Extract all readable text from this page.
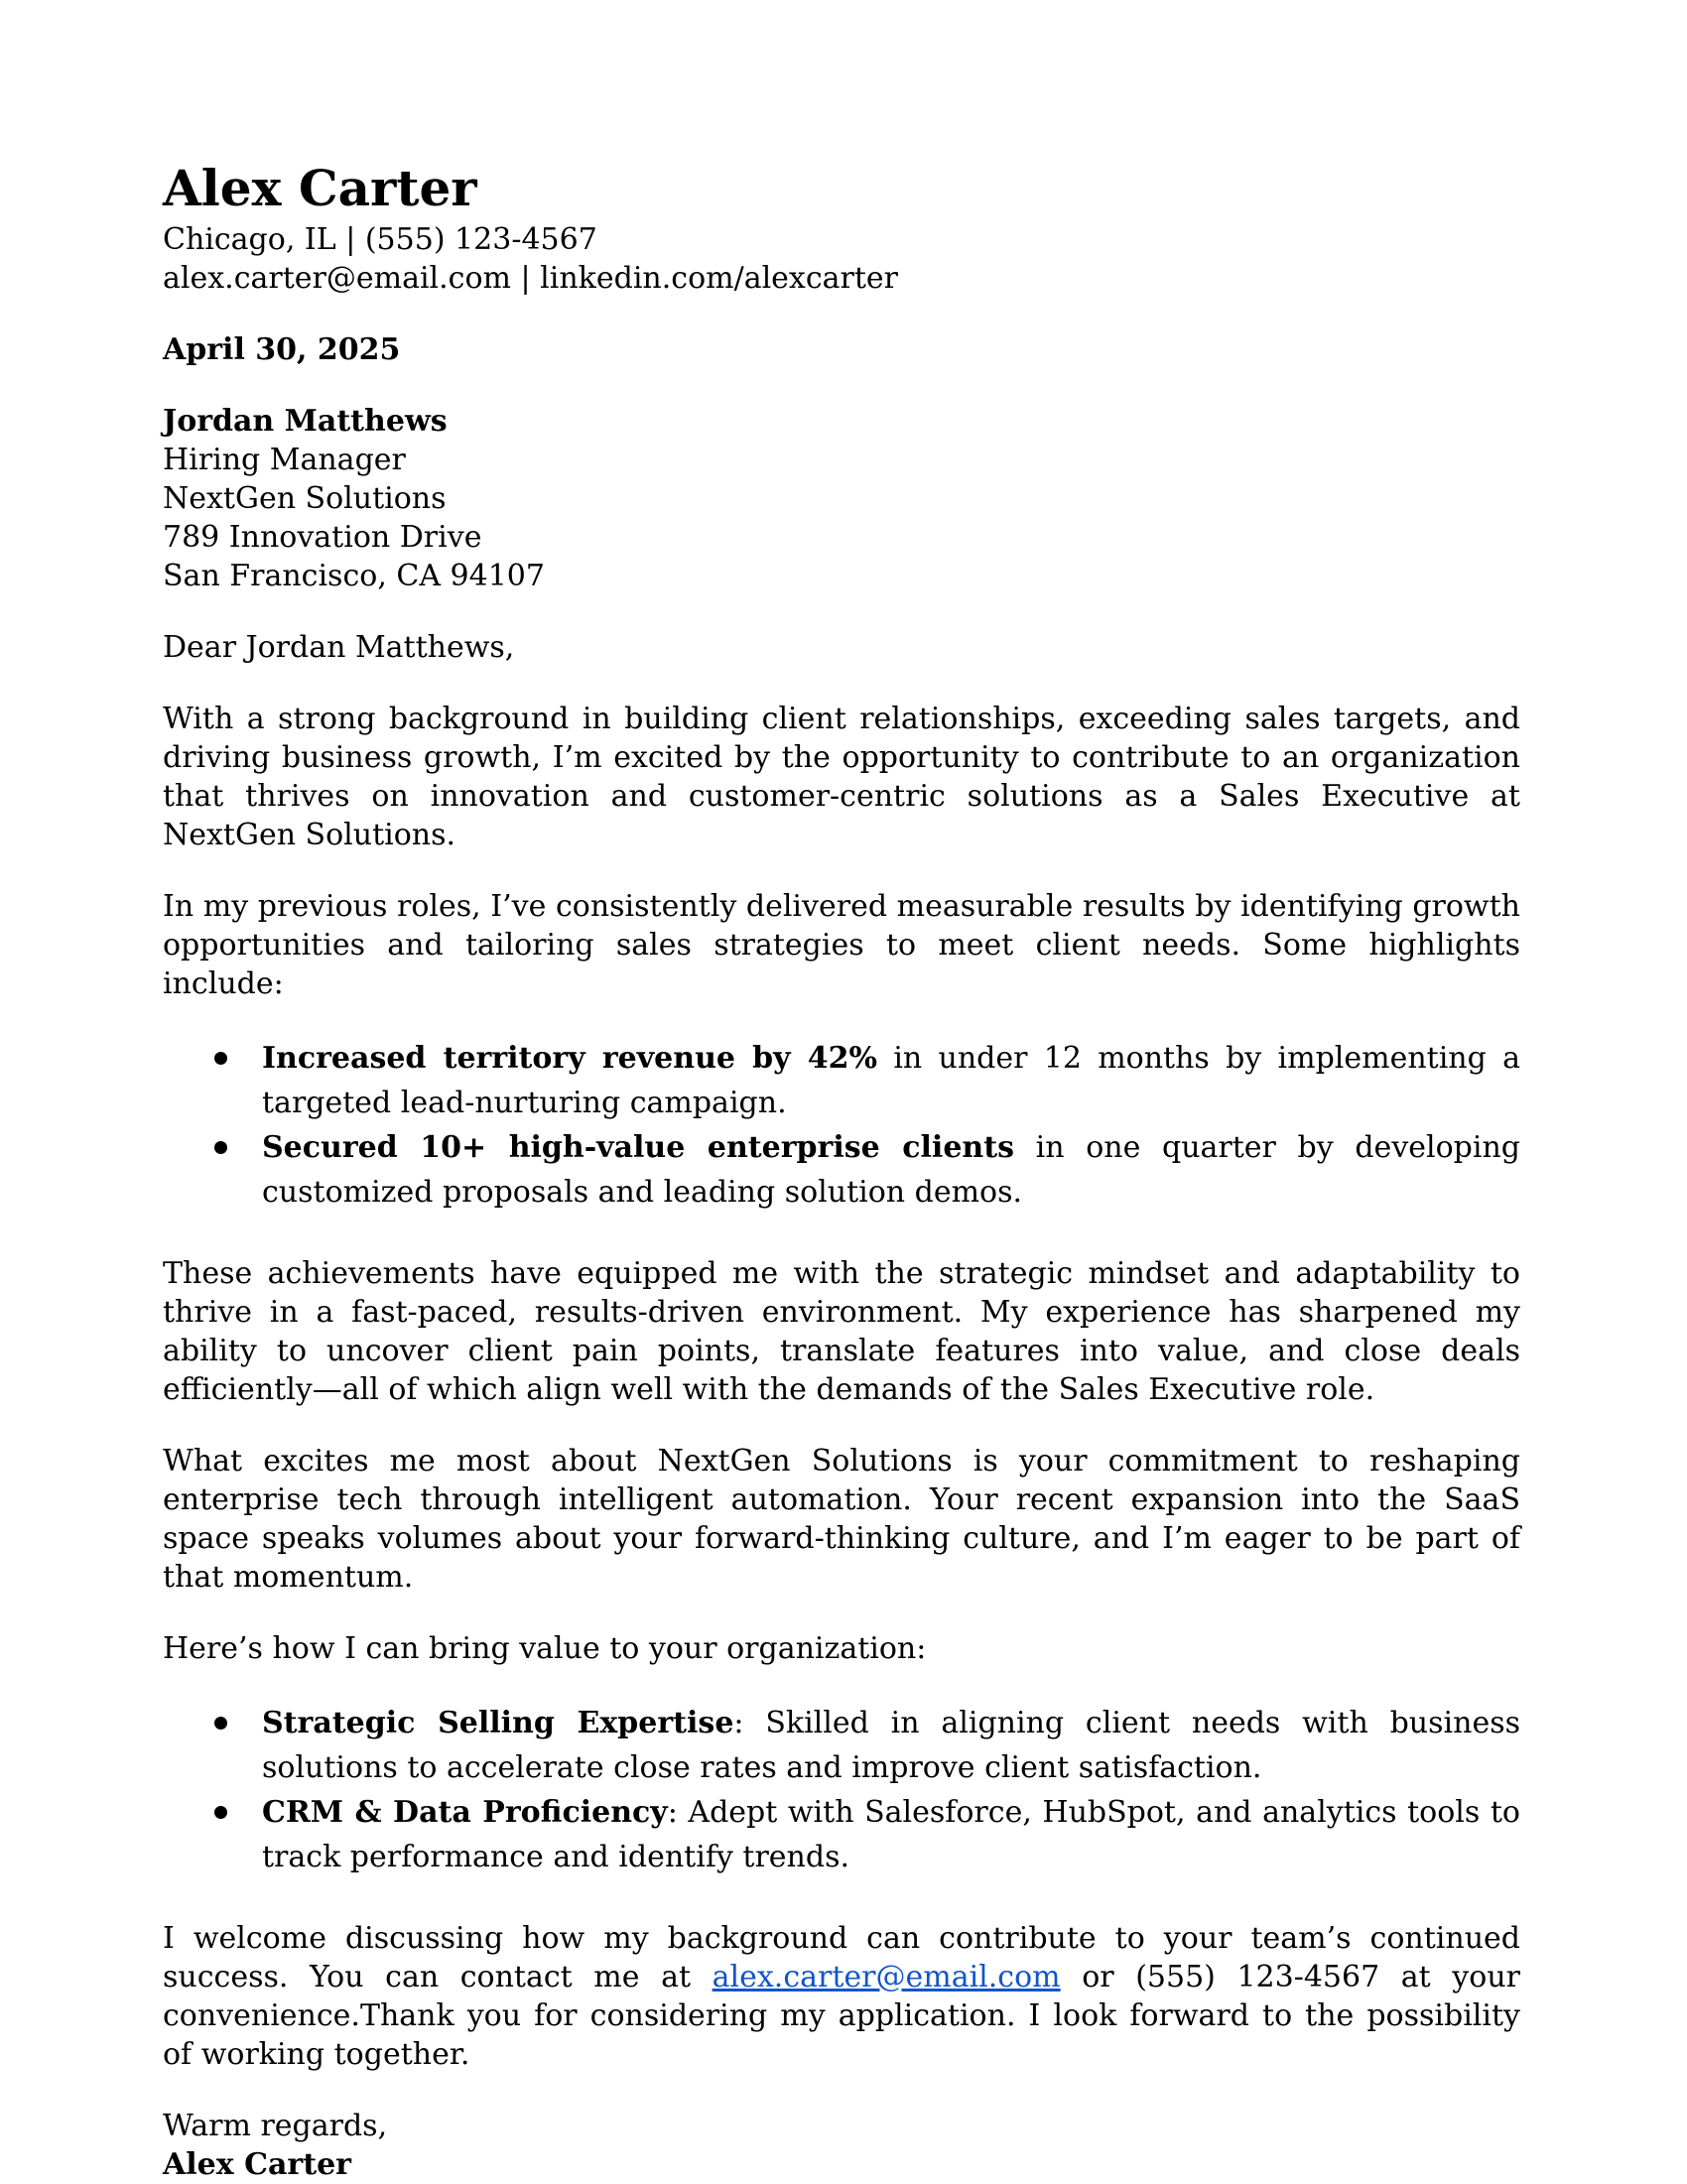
Alex Carter
Chicago, IL | (555) 123-4567
alex.carter@email.com | linkedin.com/alexcarter
April 30, 2025
Jordan Matthews
Hiring Manager
NextGen Solutions
789 Innovation Drive
San Francisco, CA 94107

Dear Jordan Matthews,

With a strong background in building client relationships, exceeding sales targets, and driving business growth, I’m excited by the opportunity to contribute to an organization that thrives on innovation and customer-centric solutions as a Sales Executive at NextGen Solutions.

In my previous roles, I’ve consistently delivered measurable results by identifying growth opportunities and tailoring sales strategies to meet client needs. Some highlights include:

Increased territory revenue by 42% in under 12 months by implementing a targeted lead-nurturing campaign.
Secured 10+ high-value enterprise clients in one quarter by developing customized proposals and leading solution demos.

These achievements have equipped me with the strategic mindset and adaptability to thrive in a fast-paced, results-driven environment. My experience has sharpened my ability to uncover client pain points, translate features into value, and close deals efficiently—all of which align well with the demands of the Sales Executive role.

What excites me most about NextGen Solutions is your commitment to reshaping enterprise tech through intelligent automation. Your recent expansion into the SaaS space speaks volumes about your forward-thinking culture, and I’m eager to be part of that momentum.

Here’s how I can bring value to your organization:

Strategic Selling Expertise: Skilled in aligning client needs with business solutions to accelerate close rates and improve client satisfaction.
CRM & Data Proficiency: Adept with Salesforce, HubSpot, and analytics tools to track performance and identify trends.

I welcome discussing how my background can contribute to your team’s continued success. You can contact me at alex.carter@email.com or (555) 123-4567 at your convenience.Thank you for considering my application. I look forward to the possibility of working together.

Warm regards,
Alex Carter
